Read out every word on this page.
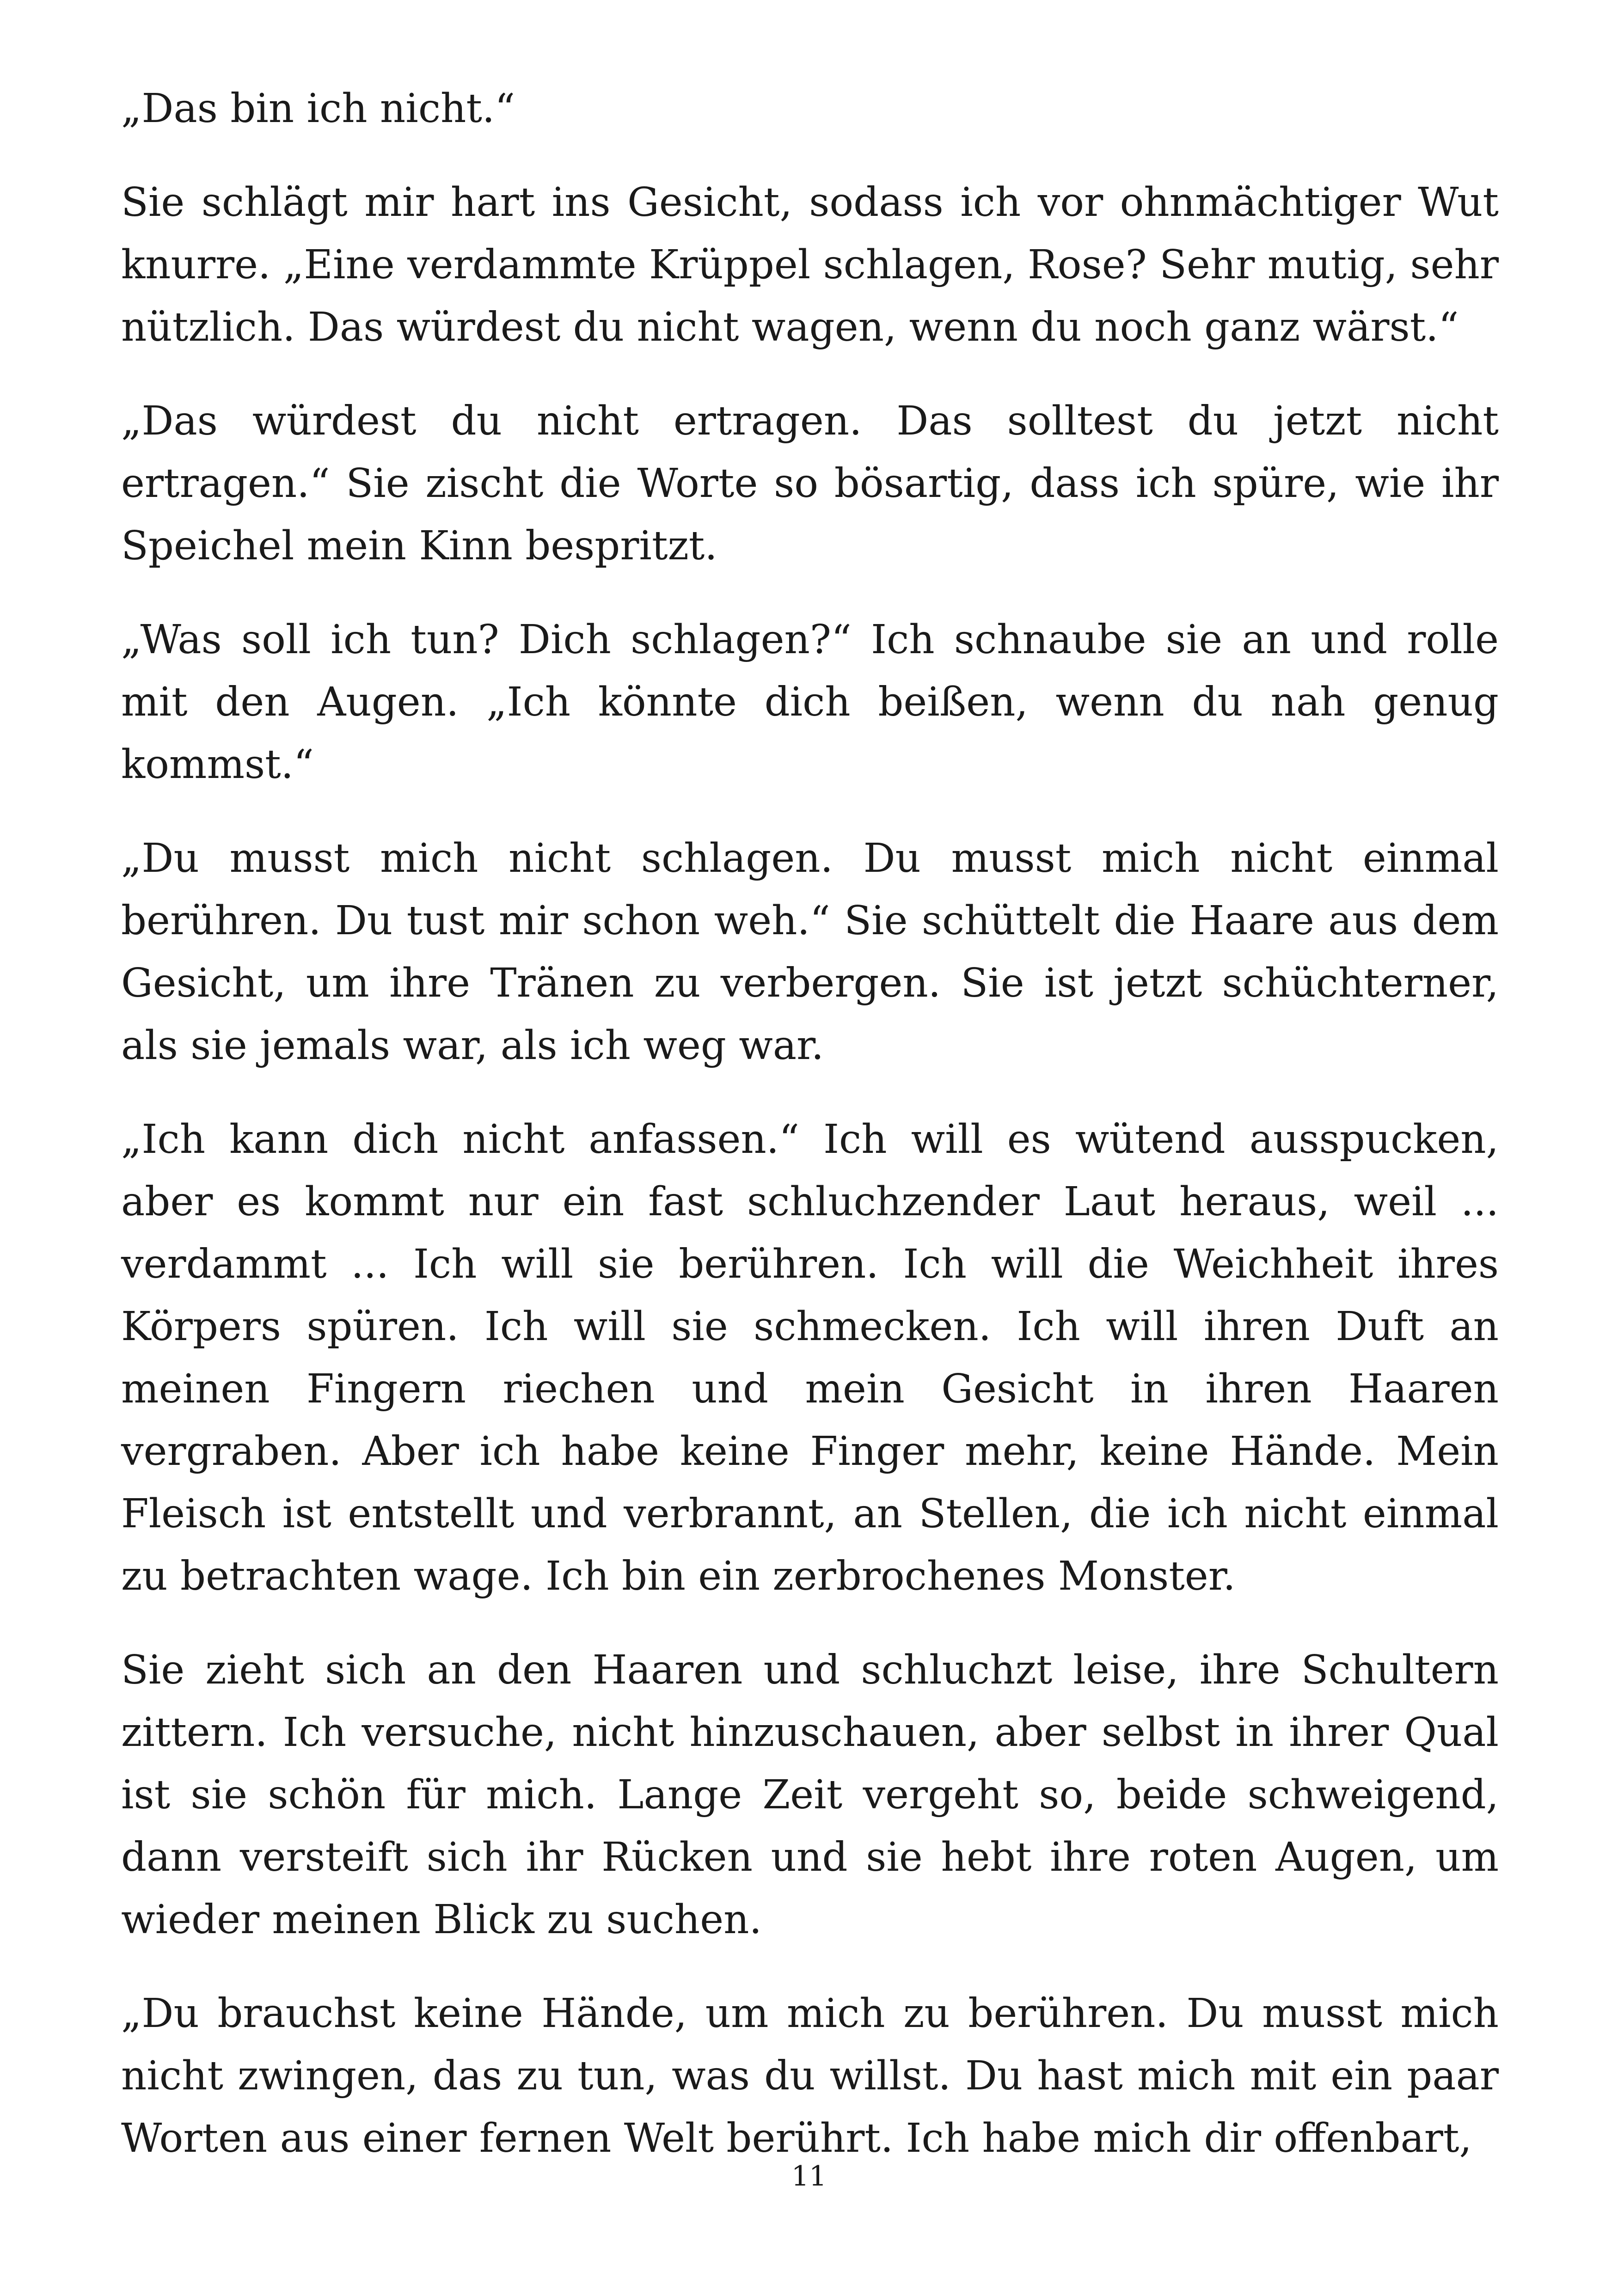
„Das bin ich nicht.“

Sie schlägt mir hart ins Gesicht, sodass ich vor ohnmächtiger Wut knurre. „Eine verdammte Krüppel schlagen, Rose? Sehr mutig, sehr nützlich. Das würdest du nicht wagen, wenn du noch ganz wärst.“

„Das würdest du nicht ertragen. Das solltest du jetzt nicht ertragen.“ Sie zischt die Worte so bösartig, dass ich spüre, wie ihr Speichel mein Kinn bespritzt.

„Was soll ich tun? Dich schlagen?“ Ich schnaube sie an und rolle mit den Augen. „Ich könnte dich beißen, wenn du nah genug kommst.“

„Du musst mich nicht schlagen. Du musst mich nicht einmal berühren. Du tust mir schon weh.“ Sie schüttelt die Haare aus dem Gesicht, um ihre Tränen zu verbergen. Sie ist jetzt schüchterner, als sie jemals war, als ich weg war.

„Ich kann dich nicht anfassen.“ Ich will es wütend ausspucken, aber es kommt nur ein fast schluchzender Laut heraus, weil ... verdammt ... Ich will sie berühren. Ich will die Weichheit ihres Körpers spüren. Ich will sie schmecken. Ich will ihren Duft an meinen Fingern riechen und mein Gesicht in ihren Haaren vergraben. Aber ich habe keine Finger mehr, keine Hände. Mein Fleisch ist entstellt und verbrannt, an Stellen, die ich nicht einmal zu betrachten wage. Ich bin ein zerbrochenes Monster.

Sie zieht sich an den Haaren und schluchzt leise, ihre Schultern zittern. Ich versuche, nicht hinzuschauen, aber selbst in ihrer Qual ist sie schön für mich. Lange Zeit vergeht so, beide schweigend, dann versteift sich ihr Rücken und sie hebt ihre roten Augen, um wieder meinen Blick zu suchen.

„Du brauchst keine Hände, um mich zu berühren. Du musst mich nicht zwingen, das zu tun, was du willst. Du hast mich mit ein paar Worten aus einer fernen Welt berührt. Ich habe mich dir offenbart,

11
